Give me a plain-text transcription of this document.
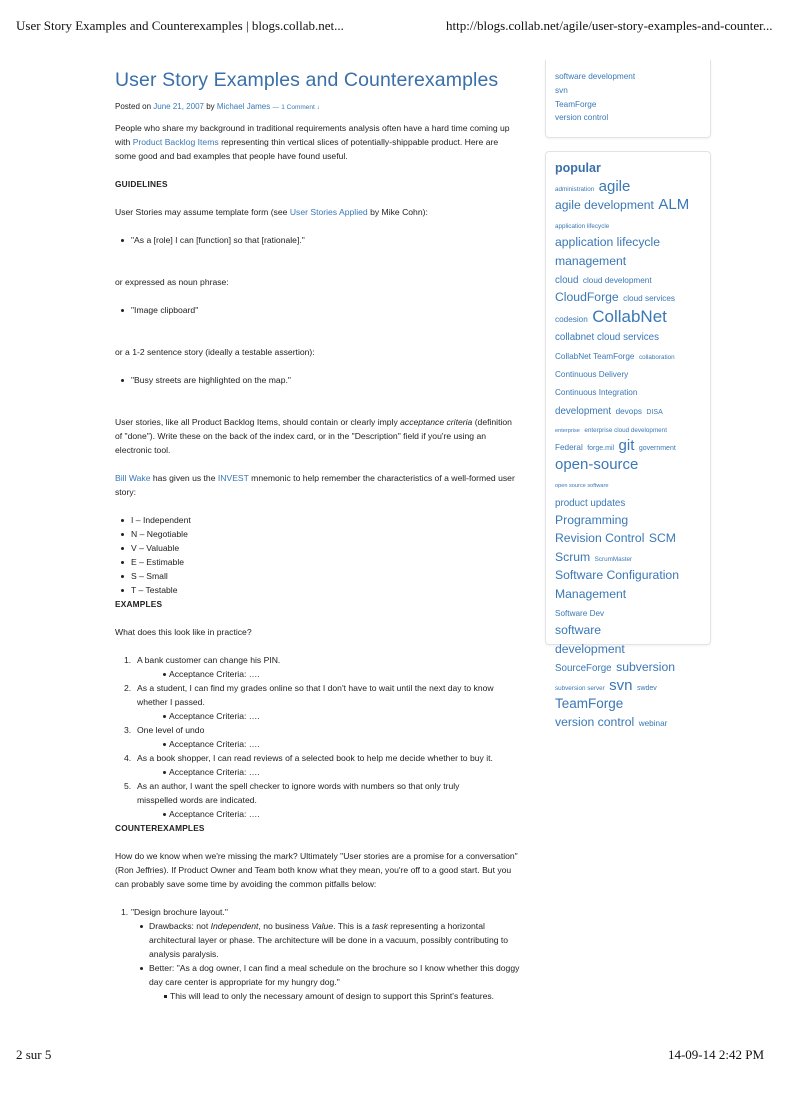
User Story Examples and Counterexamples | blogs.collab.net...	http://blogs.collab.net/agile/user-story-examples-and-counter...
User Story Examples and Counterexamples
Posted on June 21, 2007 by Michael James — 1 Comment ↓

People who share my background in traditional requirements analysis often have a hard time coming up with Product Backlog Items representing thin vertical slices of potentially-shippable product. Here are some good and bad examples that people have found useful.

GUIDELINES

User Stories may assume template form (see User Stories Applied by Mike Cohn):

"As a [role] I can [function] so that [rationale]."

or expressed as noun phrase:

"Image clipboard"

or a 1-2 sentence story (ideally a testable assertion):

"Busy streets are highlighted on the map."

User stories, like all Product Backlog Items, should contain or clearly imply acceptance criteria (definition of "done"). Write these on the back of the index card, or in the "Description" field if you're using an electronic tool.

Bill Wake has given us the INVEST mnemonic to help remember the characteristics of a well-formed user story:

I – Independent
N – Negotiable
V – Valuable
E – Estimable
S – Small
T – Testable
EXAMPLES

What does this look like in practice?

1. A bank customer can change his PIN.
Acceptance Criteria: ….
2. As a student, I can find my grades online so that I don't have to wait until the next day to know whether I passed.
Acceptance Criteria: ….
3. One level of undo
Acceptance Criteria: ….
4. As a book shopper, I can read reviews of a selected book to help me decide whether to buy it.
Acceptance Criteria: ….
5. As an author, I want the spell checker to ignore words with numbers so that only truly misspelled words are indicated.
Acceptance Criteria: ….
COUNTEREXAMPLES

How do we know when we're missing the mark? Ultimately "User stories are a promise for a conversation" (Ron Jeffries). If Product Owner and Team both know what they mean, you're off to a good start. But you can probably save some time by avoiding the common pitfalls below:

1. "Design brochure layout."
Drawbacks: not Independent, no business Value. This is a task representing a horizontal architectural layer or phase. The architecture will be done in a vacuum, possibly contributing to analysis paralysis.
Better: "As a dog owner, I can find a meal schedule on the brochure so I know whether this doggy day care center is appropriate for my hungry dog."
This will lead to only the necessary amount of design to support this Sprint's features.
software development
svn
TeamForge
version control
popular
administration agile
agile development ALM
application lifecycle
application lifecycle management
cloud cloud development
CloudForge cloud services
codesion CollabNet
collabnet cloud services
CollabNet TeamForge collaboration
Continuous Delivery
Continuous Integration
development devops DISA
enterprise enterprise cloud development
Federal forge.mil git government
open-source
open source software
product updates
Programming
Revision Control SCM
Scrum ScrumMaster
Software Configuration Management
Software Dev
software development
SourceForge subversion
subversion server svn swdev
TeamForge
version control webinar
2 sur 5	14-09-14 2:42 PM
